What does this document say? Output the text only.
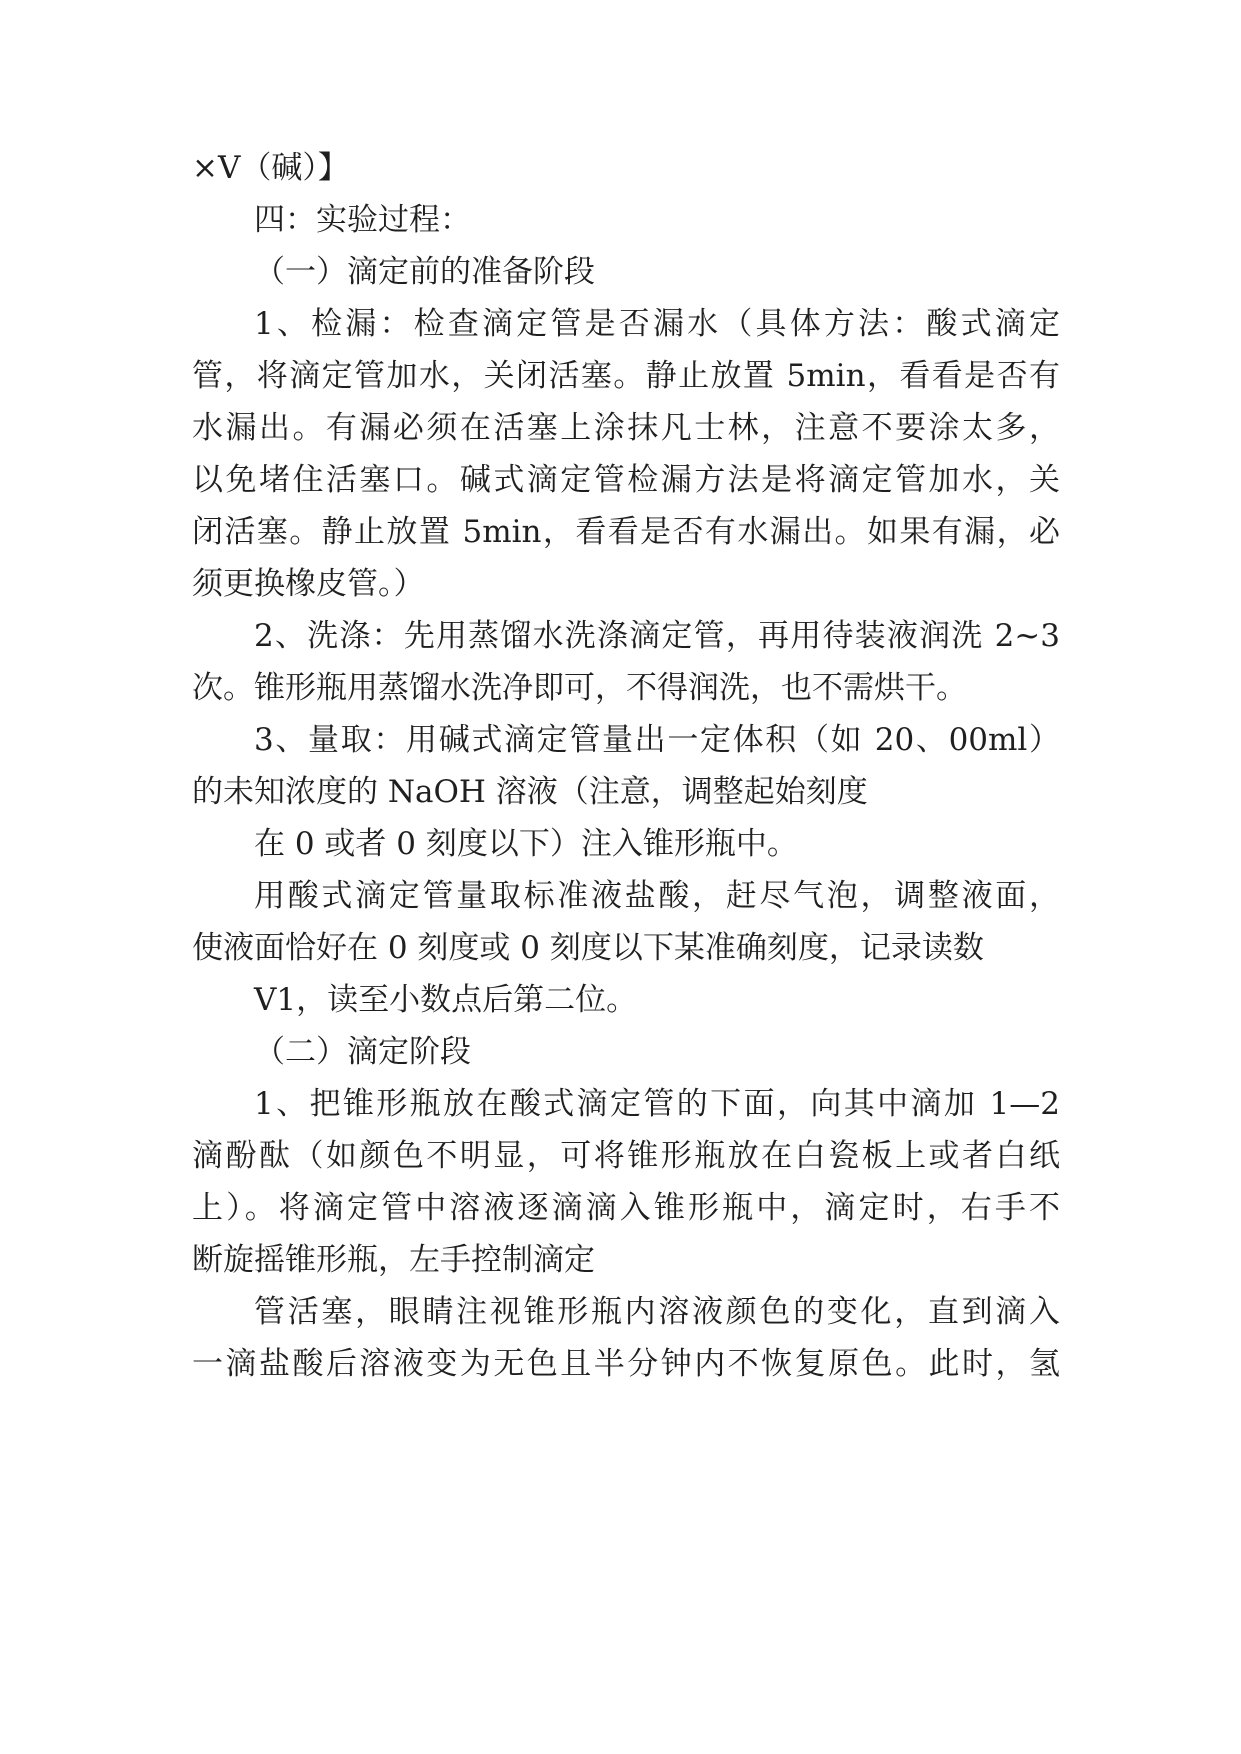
×V（碱）】
四：实验过程：
（一）滴定前的准备阶段
1、检漏：检查滴定管是否漏水（具体方法：酸式滴定
管，将滴定管加水，关闭活塞。静止放置 5min，看看是否有
水漏出。有漏必须在活塞上涂抹凡士林，注意不要涂太多，
以免堵住活塞口。碱式滴定管检漏方法是将滴定管加水，关
闭活塞。静止放置 5min，看看是否有水漏出。如果有漏，必
须更换橡皮管。）
2、洗涤：先用蒸馏水洗涤滴定管，再用待装液润洗 2~3
次。锥形瓶用蒸馏水洗净即可，不得润洗，也不需烘干。
3、量取：用碱式滴定管量出一定体积（如 20、00ml）
的未知浓度的 NaOH 溶液（注意，调整起始刻度
在 0 或者 0 刻度以下）注入锥形瓶中。
用酸式滴定管量取标准液盐酸，赶尽气泡，调整液面，
使液面恰好在 0 刻度或 0 刻度以下某准确刻度，记录读数
V1，读至小数点后第二位。
（二）滴定阶段
1、把锥形瓶放在酸式滴定管的下面，向其中滴加 1—2
滴酚酞（如颜色不明显，可将锥形瓶放在白瓷板上或者白纸
上）。将滴定管中溶液逐滴滴入锥形瓶中，滴定时，右手不
断旋摇锥形瓶，左手控制滴定
管活塞，眼睛注视锥形瓶内溶液颜色的变化，直到滴入
一滴盐酸后溶液变为无色且半分钟内不恢复原色。此时，氢
